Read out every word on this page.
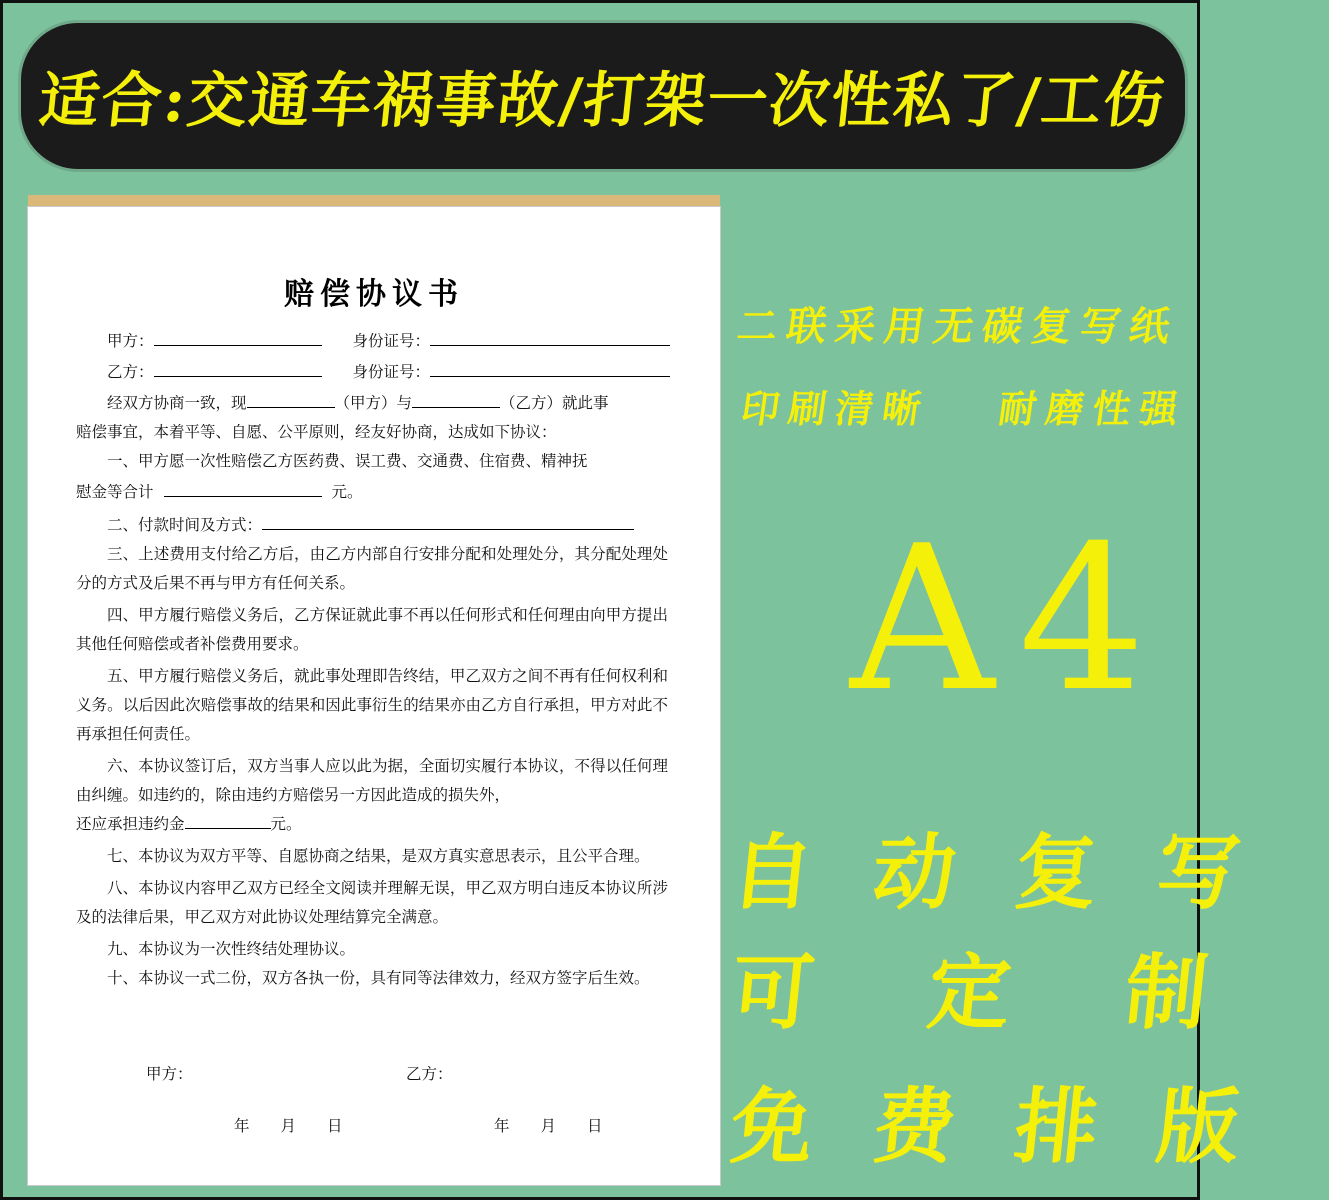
适合:交通车祸事故/打架一次性私了/工伤
赔偿协议书
甲方：　　	身份证号：
乙方：　　	身份证号：
经双方协商一致，现	（甲方）与	（乙方）就此事
赔偿事宜，本着平等、自愿、公平原则，经友好协商，达成如下协议：
一、甲方愿一次性赔偿乙方医药费、误工费、交通费、住宿费、精神抚
慰金等合计	元。
二、付款时间及方式：
三、上述费用支付给乙方后，由乙方内部自行安排分配和处理处分，其分配处理处分的方式及后果不再与甲方有任何关系。
四、甲方履行赔偿义务后，乙方保证就此事不再以任何形式和任何理由向甲方提出其他任何赔偿或者补偿费用要求。
五、甲方履行赔偿义务后，就此事处理即告终结，甲乙双方之间不再有任何权利和义务。以后因此次赔偿事故的结果和因此事衍生的结果亦由乙方自行承担，甲方对此不再承担任何责任。
六、本协议签订后，双方当事人应以此为据，全面切实履行本协议，不得以任何理由纠缠。如违约的，除由违约方赔偿另一方因此造成的损失外，
还应承担违约金	元。
七、本协议为双方平等、自愿协商之结果，是双方真实意思表示，且公平合理。
八、本协议内容甲乙双方已经全文阅读并理解无误，甲乙双方明白违反本协议所涉及的法律后果，甲乙双方对此协议处理结算完全满意。
九、本协议为一次性终结处理协议。
十、本协议一式二份，双方各执一份，具有同等法律效力，经双方签字后生效。
甲方：	乙方：
年　　月　　日	年　　月　　日
二联采用无碳复写纸
印刷清晰　 耐磨性强
A4
自动复写
可定制
免费排版
